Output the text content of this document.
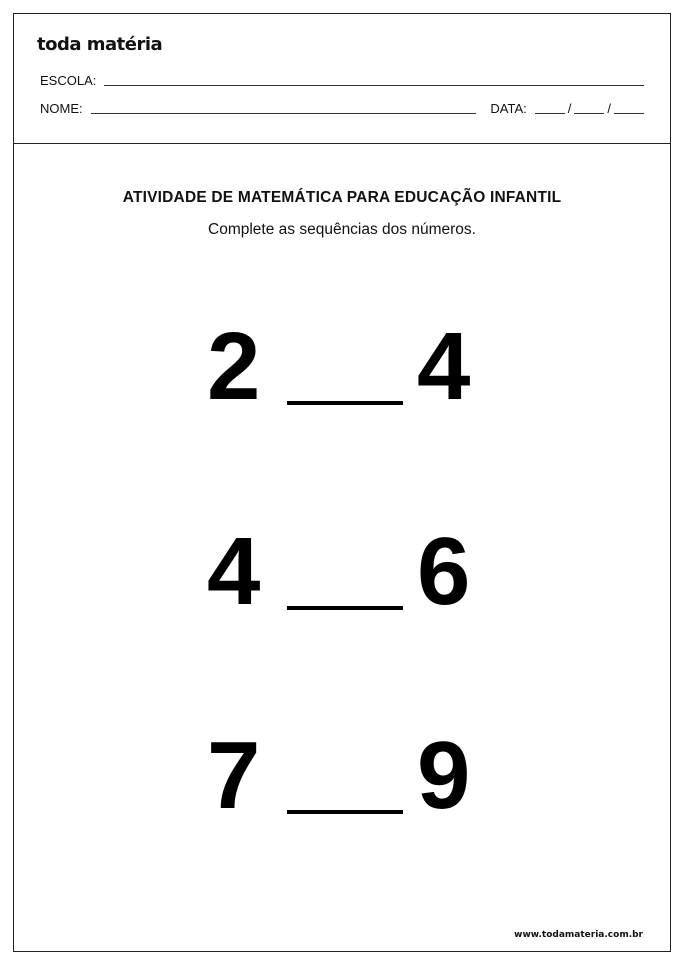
toda matéria
ESCOLA:
NOME:	DATA:	/	/
ATIVIDADE DE MATEMÁTICA PARA EDUCAÇÃO INFANTIL
Complete as sequências dos números.
2 4
4 6
7 9
www.todamateria.com.br
